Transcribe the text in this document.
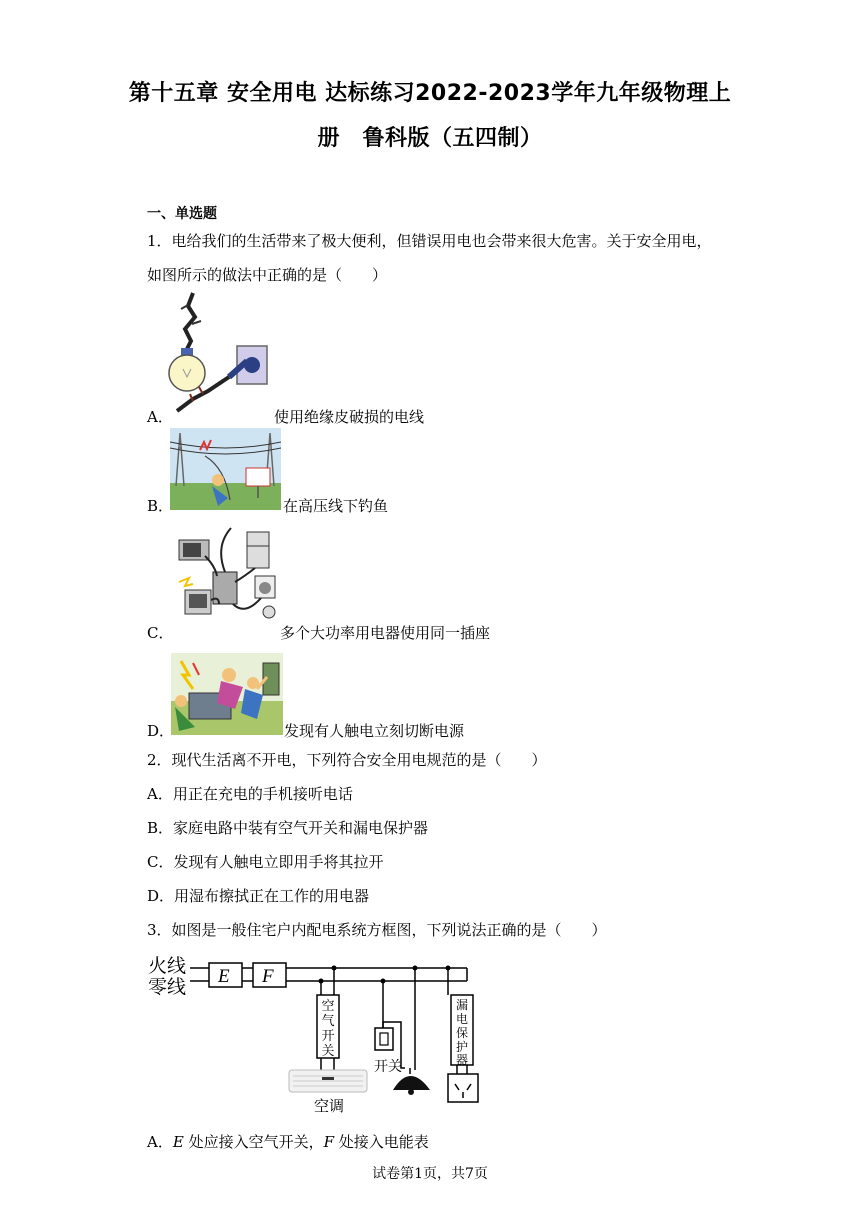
第十五章 安全用电 达标练习2022-2023学年九年级物理上
册　鲁科版（五四制）
一、单选题
1．电给我们的生活带来了极大便利，但错误用电也会带来很大危害。关于安全用电，
如图所示的做法中正确的是（　　）
A．	使用绝缘皮破损的电线
B．	在高压线下钓鱼
C．	多个大功率用电器使用同一插座
D．	发现有人触电立刻切断电源
2．现代生活离不开电，下列符合安全用电规范的是（　　）
A．用正在充电的手机接听电话
B．家庭电路中装有空气开关和漏电保护器
C．发现有人触电立即用手将其拉开
D．用湿布擦拭正在工作的用电器
3．如图是一般住宅户内配电系统方框图，下列说法正确的是（　　）
火线
零线
E F
空
气
开
关
空调
开关
漏
电
保
护
器
A．E 处应接入空气开关，F 处接入电能表
试卷第1页，共7页
